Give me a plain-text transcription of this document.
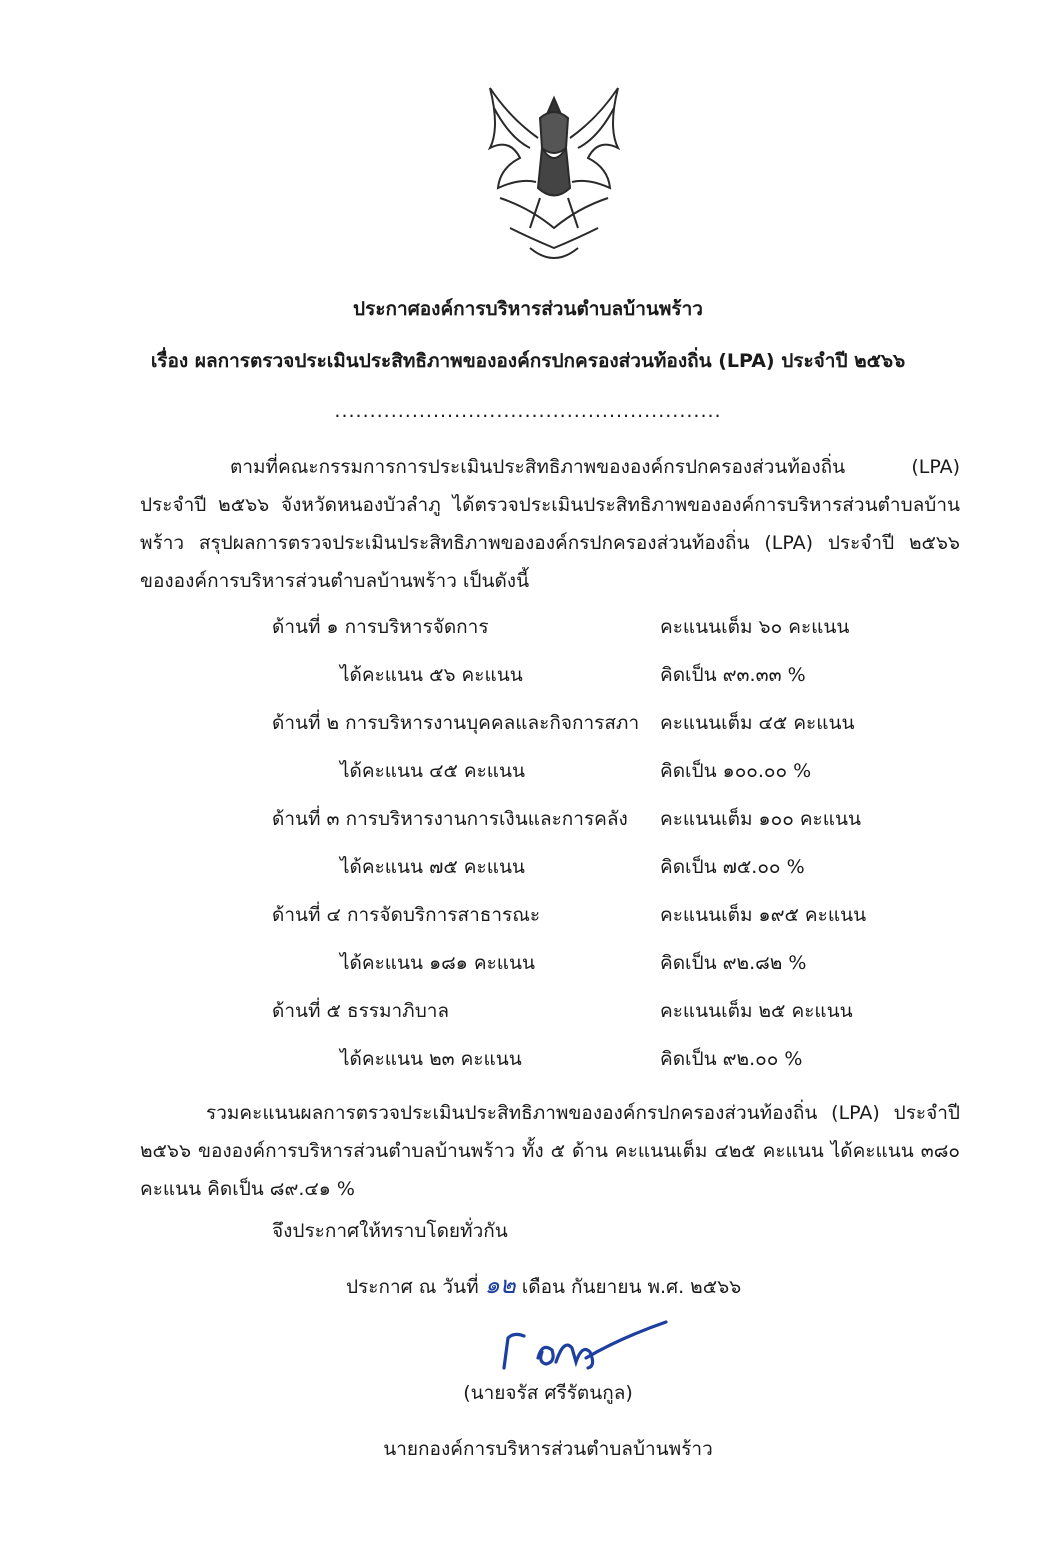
ประกาศองค์การบริหารส่วนตำบลบ้านพร้าว
เรื่อง ผลการตรวจประเมินประสิทธิภาพขององค์กรปกครองส่วนท้องถิ่น (LPA) ประจำปี ๒๕๖๖
.......................................................
ตามที่คณะกรรมการการประเมินประสิทธิภาพขององค์กรปกครองส่วนท้องถิ่น (LPA) ประจำปี ๒๕๖๖ จังหวัดหนองบัวลำภู ได้ตรวจประเมินประสิทธิภาพขององค์การบริหารส่วนตำบลบ้านพร้าว สรุปผลการตรวจประเมินประสิทธิภาพขององค์กรปกครองส่วนท้องถิ่น (LPA) ประจำปี ๒๕๖๖ ขององค์การบริหารส่วนตำบลบ้านพร้าว เป็นดังนี้
ด้านที่ ๑ การบริหารจัดการ	คะแนนเต็ม ๖๐ คะแนน
ได้คะแนน ๕๖ คะแนน	คิดเป็น ๙๓.๓๓ %
ด้านที่ ๒ การบริหารงานบุคคลและกิจการสภา คะแนนเต็ม ๔๕ คะแนน
ได้คะแนน ๔๕ คะแนน	คิดเป็น ๑๐๐.๐๐ %
ด้านที่ ๓ การบริหารงานการเงินและการคลัง คะแนนเต็ม ๑๐๐ คะแนน
ได้คะแนน ๗๕ คะแนน	คิดเป็น ๗๕.๐๐ %
ด้านที่ ๔ การจัดบริการสาธารณะ	คะแนนเต็ม ๑๙๕ คะแนน
ได้คะแนน ๑๘๑ คะแนน	คิดเป็น ๙๒.๘๒ %
ด้านที่ ๕ ธรรมาภิบาล	คะแนนเต็ม ๒๕ คะแนน
ได้คะแนน ๒๓ คะแนน	คิดเป็น ๙๒.๐๐ %
รวมคะแนนผลการตรวจประเมินประสิทธิภาพขององค์กรปกครองส่วนท้องถิ่น (LPA) ประจำปี ๒๕๖๖ ขององค์การบริหารส่วนตำบลบ้านพร้าว ทั้ง ๕ ด้าน คะแนนเต็ม ๔๒๕ คะแนน ได้คะแนน ๓๘๐ คะแนน คิดเป็น ๘๙.๔๑ %
จึงประกาศให้ทราบโดยทั่วกัน
ประกาศ ณ วันที่ ๑๒ เดือน กันยายน พ.ศ. ๒๕๖๖
(นายจรัส ศรีรัตนกูล)
นายกองค์การบริหารส่วนตำบลบ้านพร้าว
